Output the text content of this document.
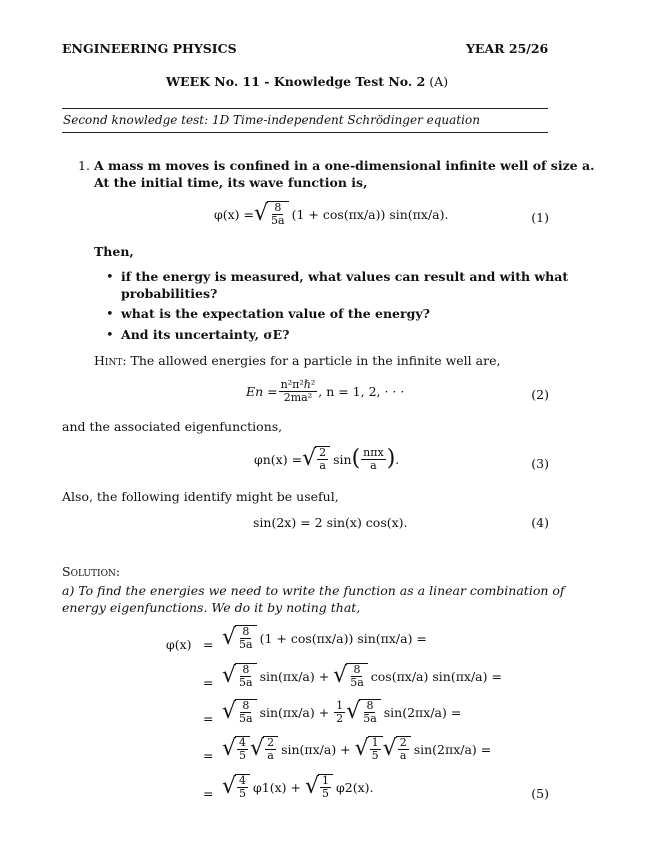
ENGINEERING PHYSICS	YEAR 25/26
WEEK No. 11 - Knowledge Test No. 2 (A)
Second knowledge test: 1D Time-independent Schrödinger equation
1. A mass m moves is confined in a one-dimensional infinite well of size a.
At the initial time, its wave function is,
φ(x) = √ $\frac{8}{5a} (1 + \cos(\pi x/a))$ sin(πx/a).	(1)
Then,
• if the energy is measured, what values can result and with what
probabilities?
• what is the expectation value of the energy?
• And its uncertainty, σE?
Hint: The allowed energies for a particle in the infinite well are,
$En = \frac{\text{n²π²ℏ²}}{\text{2ma²}}$ , n = 1, 2, · · ·	(2)
and the associated eigenfunctions,
φn(x) = √ $\frac{2}{a}$ sin ( $\frac{\text{nπx}}{a}$ ) .	(3)
Also, the following identify might be useful,
sin(2x) = 2 sin(x) cos(x).	(4)
Solution:
a) To find the energies we need to write the function as a linear combination of
energy eigenfunctions. We do it by noting that,
φ(x) = √ $\frac{8}{5a} (1 + \cos(\pi x/a)) \sin(\pi x/a)$ =
= √ $\frac{8}{5a} \sin(\pi x/a)$ + √ $\frac{8}{5a} \cos(\pi x/a) \sin(\pi x/a)$ =
= √ $\frac{8}{5a} \sin(\pi x/a) + \frac{1}{2}$ √ $\frac{8}{5a} \sin(2\pi x/a)$ =
= √ $\frac{4}{5}$ √ $\frac{2}{a} \sin(\pi x/a)$ + √ $\frac{1}{5}$ √ $\frac{2}{a} \sin(2\pi x/a)$ =
= √ $\frac{4}{5} \varphi 1(x)$ + √ $\frac{1}{5} \varphi 2(x)$.	(5)
